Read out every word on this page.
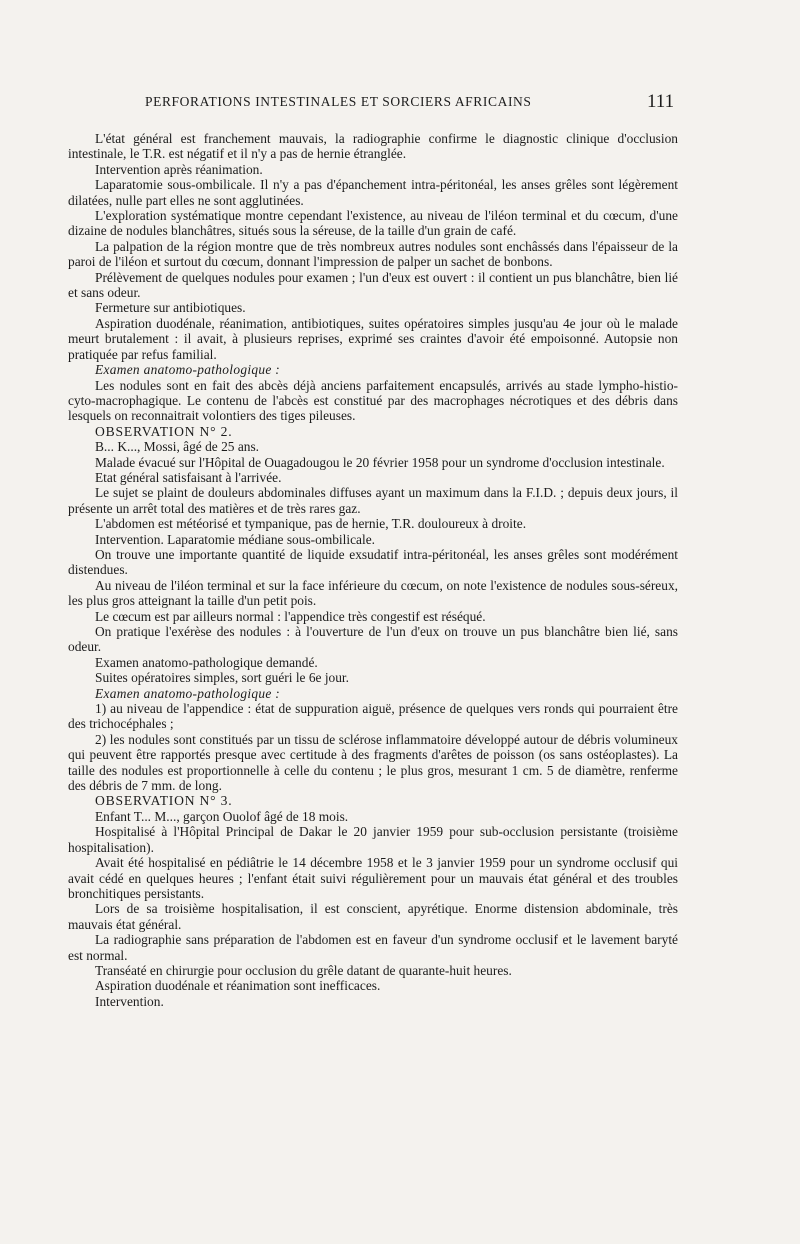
PERFORATIONS INTESTINALES ET SORCIERS AFRICAINS	111

L'état général est franchement mauvais, la radiographie confirme le diagnostic clinique d'occlusion intestinale, le T.R. est négatif et il n'y a pas de hernie étranglée.

Intervention après réanimation.

Laparatomie sous-ombilicale. Il n'y a pas d'épanchement intra-péritonéal, les anses grêles sont légèrement dilatées, nulle part elles ne sont agglutinées.

L'exploration systématique montre cependant l'existence, au niveau de l'iléon terminal et du cœcum, d'une dizaine de nodules blanchâtres, situés sous la séreuse, de la taille d'un grain de café.

La palpation de la région montre que de très nombreux autres nodules sont enchâssés dans l'épaisseur de la paroi de l'iléon et surtout du cœcum, donnant l'impression de palper un sachet de bonbons.

Prélèvement de quelques nodules pour examen ; l'un d'eux est ouvert : il contient un pus blanchâtre, bien lié et sans odeur.

Fermeture sur antibiotiques.

Aspiration duodénale, réanimation, antibiotiques, suites opératoires simples jusqu'au 4e jour où le malade meurt brutalement : il avait, à plusieurs reprises, exprimé ses craintes d'avoir été empoisonné. Autopsie non pratiquée par refus familial.

Examen anatomo-pathologique :

Les nodules sont en fait des abcès déjà anciens parfaitement encapsulés, arrivés au stade lympho-histio-cyto-macrophagique. Le contenu de l'abcès est constitué par des macrophages nécrotiques et des débris dans lesquels on reconnaitrait volontiers des tiges pileuses.

OBSERVATION N° 2.

B... K..., Mossi, âgé de 25 ans.

Malade évacué sur l'Hôpital de Ouagadougou le 20 février 1958 pour un syndrome d'occlusion intestinale.

Etat général satisfaisant à l'arrivée.

Le sujet se plaint de douleurs abdominales diffuses ayant un maximum dans la F.I.D. ; depuis deux jours, il présente un arrêt total des matières et de très rares gaz.

L'abdomen est météorisé et tympanique, pas de hernie, T.R. douloureux à droite.

Intervention. Laparatomie médiane sous-ombilicale.

On trouve une importante quantité de liquide exsudatif intra-péritonéal, les anses grêles sont modérément distendues.

Au niveau de l'iléon terminal et sur la face inférieure du cœcum, on note l'existence de nodules sous-séreux, les plus gros atteignant la taille d'un petit pois.

Le cœcum est par ailleurs normal : l'appendice très congestif est réséqué.

On pratique l'exérèse des nodules : à l'ouverture de l'un d'eux on trouve un pus blanchâtre bien lié, sans odeur.

Examen anatomo-pathologique demandé.

Suites opératoires simples, sort guéri le 6e jour.

Examen anatomo-pathologique :

1) au niveau de l'appendice : état de suppuration aiguë, présence de quelques vers ronds qui pourraient être des trichocéphales ;

2) les nodules sont constitués par un tissu de sclérose inflammatoire développé autour de débris volumineux qui peuvent être rapportés presque avec certitude à des fragments d'arêtes de poisson (os sans ostéoplastes). La taille des nodules est proportionnelle à celle du contenu ; le plus gros, mesurant 1 cm. 5 de diamètre, renferme des débris de 7 mm. de long.

OBSERVATION N° 3.

Enfant T... M..., garçon Ouolof âgé de 18 mois.

Hospitalisé à l'Hôpital Principal de Dakar le 20 janvier 1959 pour sub-occlusion persistante (troisième hospitalisation).

Avait été hospitalisé en pédiâtrie le 14 décembre 1958 et le 3 janvier 1959 pour un syndrome occlusif qui avait cédé en quelques heures ; l'enfant était suivi régulièrement pour un mauvais état général et des troubles bronchitiques persistants.

Lors de sa troisième hospitalisation, il est conscient, apyrétique. Enorme distension abdominale, très mauvais état général.

La radiographie sans préparation de l'abdomen est en faveur d'un syndrome occlusif et le lavement baryté est normal.

Transéaté en chirurgie pour occlusion du grêle datant de quarante-huit heures.

Aspiration duodénale et réanimation sont inefficaces.

Intervention.
